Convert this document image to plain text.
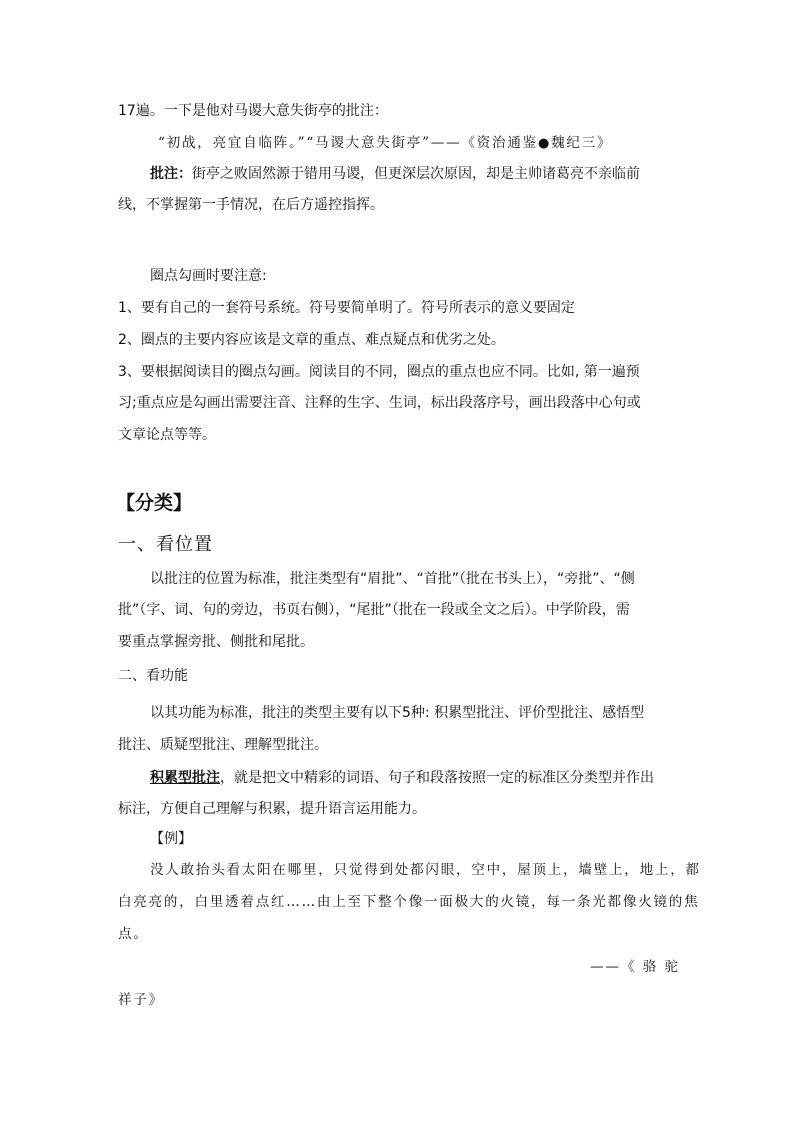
17遍。一下是他对马谡大意失街亭的批注：

“初战，亮宜自临阵。”“马谡大意失街亭”——《资治通鉴●魏纪三》

批注：街亭之败固然源于错用马谡，但更深层次原因，却是主帅诸葛亮不亲临前

线，不掌握第一手情况，在后方遥控指挥。

圈点勾画时要注意:

1、要有自己的一套符号系统。符号要简单明了。符号所表示的意义要固定

2、圈点的主要内容应该是文章的重点、难点疑点和优劣之处。

3、要根据阅读目的圈点勾画。阅读目的不同，圈点的重点也应不同。比如, 第一遍预

习;重点应是勾画出需要注音、注释的生字、生词，标出段落序号，画出段落中心句或

文章论点等等。

【分类】

一、看位置

以批注的位置为标准，批注类型有“眉批”、“首批”（批在书头上），“旁批”、“侧

批”（字、词、句的旁边，书页右侧），“尾批”（批在一段或全文之后）。中学阶段，需

要重点掌握旁批、侧批和尾批。

二、看功能

以其功能为标准，批注的类型主要有以下5种: 积累型批注、评价型批注、感悟型

批注、质疑型批注、理解型批注。

积累型批注，就是把文中精彩的词语、句子和段落按照一定的标准区分类型并作出

标注，方便自己理解与积累，提升语言运用能力。

【例】

没人敢抬头看太阳在哪里，只觉得到处都闪眼，空中，屋顶上，墙壁上，地上，都

白亮亮的，白里透着点红……由上至下整个像一面极大的火镜，每一条光都像火镜的焦

点。

——《 骆 驼

祥子》
